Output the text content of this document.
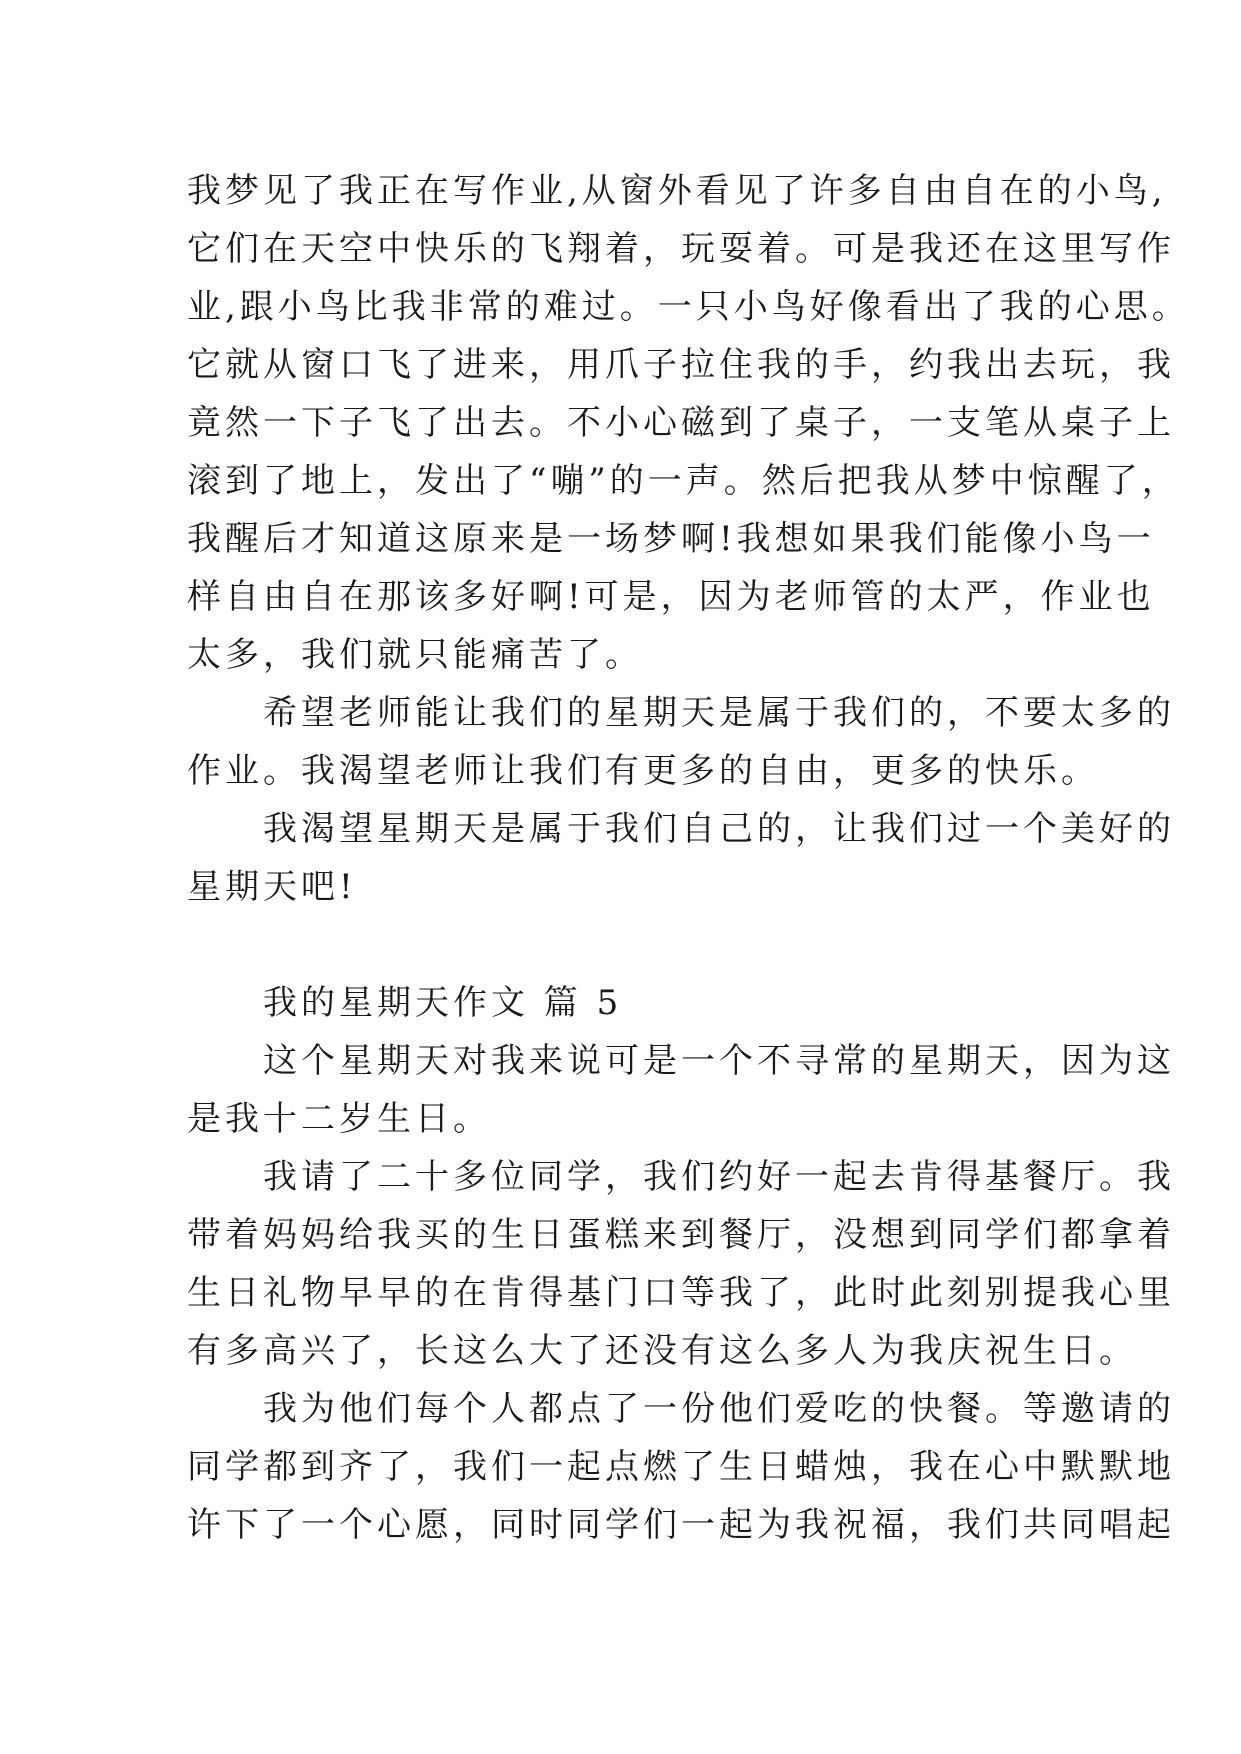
我梦见了我正在写作业,从窗外看见了许多自由自在的小鸟,
它们在天空中快乐的飞翔着，玩耍着。可是我还在这里写作
业,跟小鸟比我非常的难过。一只小鸟好像看出了我的心思。
它就从窗口飞了进来，用爪子拉住我的手，约我出去玩，我
竟然一下子飞了出去。不小心磁到了桌子，一支笔从桌子上
滚到了地上，发出了“嘣”的一声。然后把我从梦中惊醒了，
我醒后才知道这原来是一场梦啊!我想如果我们能像小鸟一
样自由自在那该多好啊!可是，因为老师管的太严，作业也
太多，我们就只能痛苦了。
　　希望老师能让我们的星期天是属于我们的，不要太多的
作业。我渴望老师让我们有更多的自由，更多的快乐。
　　我渴望星期天是属于我们自己的，让我们过一个美好的
星期天吧!
　　我的星期天作文 篇 5
　　这个星期天对我来说可是一个不寻常的星期天，因为这
是我十二岁生日。
　　我请了二十多位同学，我们约好一起去肯得基餐厅。我
带着妈妈给我买的生日蛋糕来到餐厅，没想到同学们都拿着
生日礼物早早的在肯得基门口等我了，此时此刻别提我心里
有多高兴了，长这么大了还没有这么多人为我庆祝生日。
　　我为他们每个人都点了一份他们爱吃的快餐。等邀请的
同学都到齐了，我们一起点燃了生日蜡烛，我在心中默默地
许下了一个心愿，同时同学们一起为我祝福，我们共同唱起
